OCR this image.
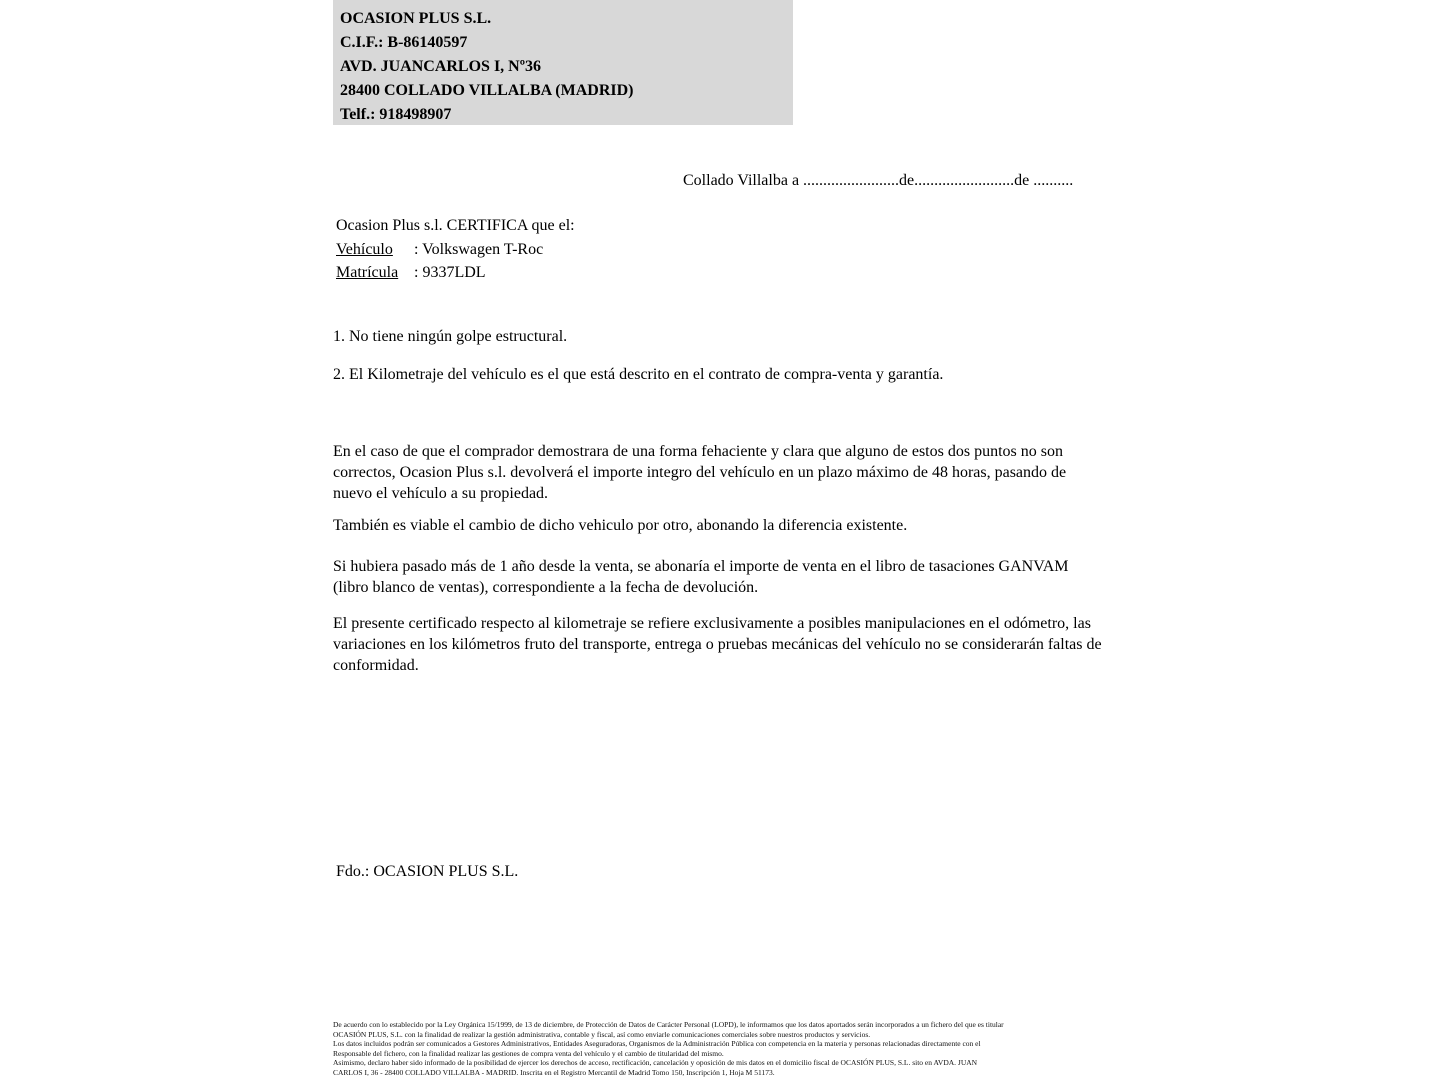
OCASION PLUS S.L.
C.I.F.: B-86140597
AVD. JUANCARLOS I, Nº36
28400 COLLADO VILLALBA (MADRID)
Telf.: 918498907
Collado Villalba a ........................de.........................de ..........
Ocasion Plus s.l. CERTIFICA que el:
Vehículo : Volkswagen T-Roc
Matrícula : 9337LDL
1. No tiene ningún golpe estructural.
2. El Kilometraje del vehículo es el que está descrito en el contrato de compra-venta y garantía.
En el caso de que el comprador demostrara de una forma fehaciente y clara que alguno de estos dos puntos no son correctos, Ocasion Plus s.l. devolverá el importe integro del vehículo en un plazo máximo de 48 horas, pasando de nuevo el vehículo a su propiedad.
También es viable el cambio de dicho vehiculo por otro, abonando la diferencia existente.
Si hubiera pasado más de 1 año desde la venta, se abonaría el importe de venta en el libro de tasaciones GANVAM (libro blanco de ventas), correspondiente a la fecha de devolución.
El presente certificado respecto al kilometraje se refiere exclusivamente a posibles manipulaciones en el odómetro, las variaciones en los kilómetros fruto del transporte, entrega o pruebas mecánicas del vehículo no se considerarán faltas de conformidad.
Fdo.: OCASION PLUS S.L.
De acuerdo con lo establecido por la Ley Orgánica 15/1999, de 13 de diciembre, de Protección de Datos de Carácter Personal (LOPD), le informamos que los datos aportados serán incorporados a un fichero del que es titular
OCASIÓN PLUS, S.L. con la finalidad de realizar la gestión administrativa, contable y fiscal, así como enviarle comunicaciones comerciales sobre nuestros productos y servicios.
Los datos incluidos podrán ser comunicados a Gestores Administrativos, Entidades Aseguradoras, Organismos de la Administración Pública con competencia en la materia y personas relacionadas directamente con el
Responsable del fichero, con la finalidad realizar las gestiones de compra venta del vehículo y el cambio de titularidad del mismo.
Asimismo, declaro haber sido informado de la posibilidad de ejercer los derechos de acceso, rectificación, cancelación y oposición de mis datos en el domicilio fiscal de OCASIÓN PLUS, S.L. sito en AVDA. JUAN
CARLOS I, 36 - 28400 COLLADO VILLALBA - MADRID. Inscrita en el Registro Mercantil de Madrid Tomo 150, Inscripción 1, Hoja M 51173.
